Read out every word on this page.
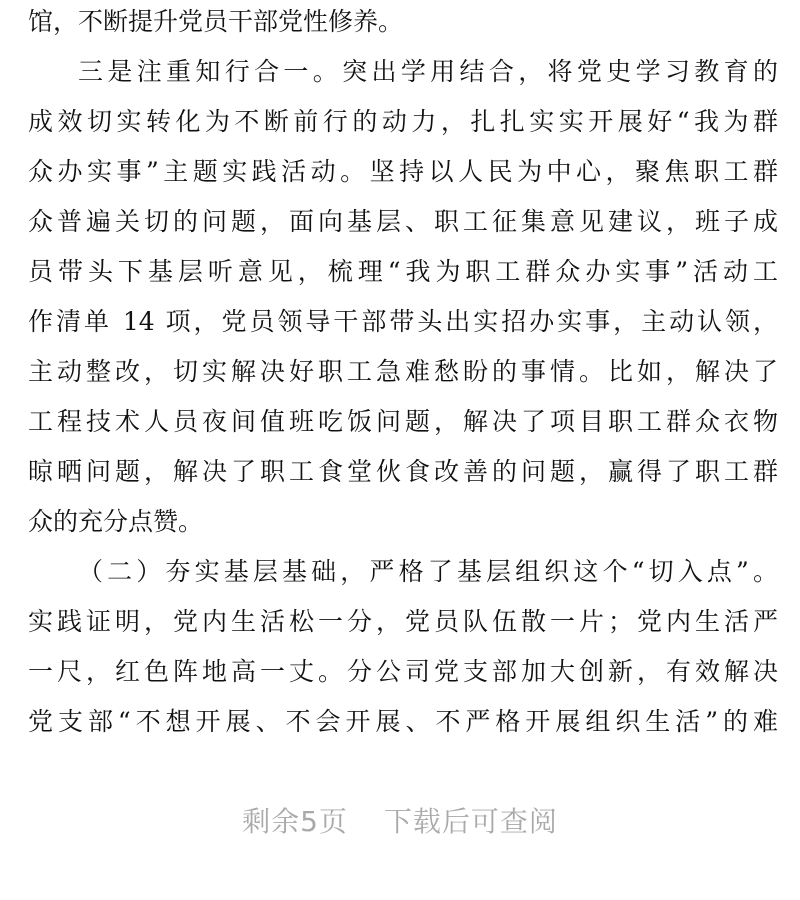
馆，不断提升党员干部党性修养。
三是注重知行合一。突出学用结合，将党史学习教育的
成效切实转化为不断前行的动力，扎扎实实开展好“我为群
众办实事”主题实践活动。坚持以人民为中心，聚焦职工群
众普遍关切的问题，面向基层、职工征集意见建议，班子成
员带头下基层听意见，梳理“我为职工群众办实事”活动工
作清单 14 项，党员领导干部带头出实招办实事，主动认领，
主动整改，切实解决好职工急难愁盼的事情。比如，解决了
工程技术人员夜间值班吃饭问题，解决了项目职工群众衣物
晾晒问题，解决了职工食堂伙食改善的问题，赢得了职工群
众的充分点赞。
（二）夯实基层基础，严格了基层组织这个“切入点”。
实践证明，党内生活松一分，党员队伍散一片；党内生活严
一尺，红色阵地高一丈。分公司党支部加大创新，有效解决
党支部“不想开展、不会开展、不严格开展组织生活”的难
剩余5页 下载后可查阅
